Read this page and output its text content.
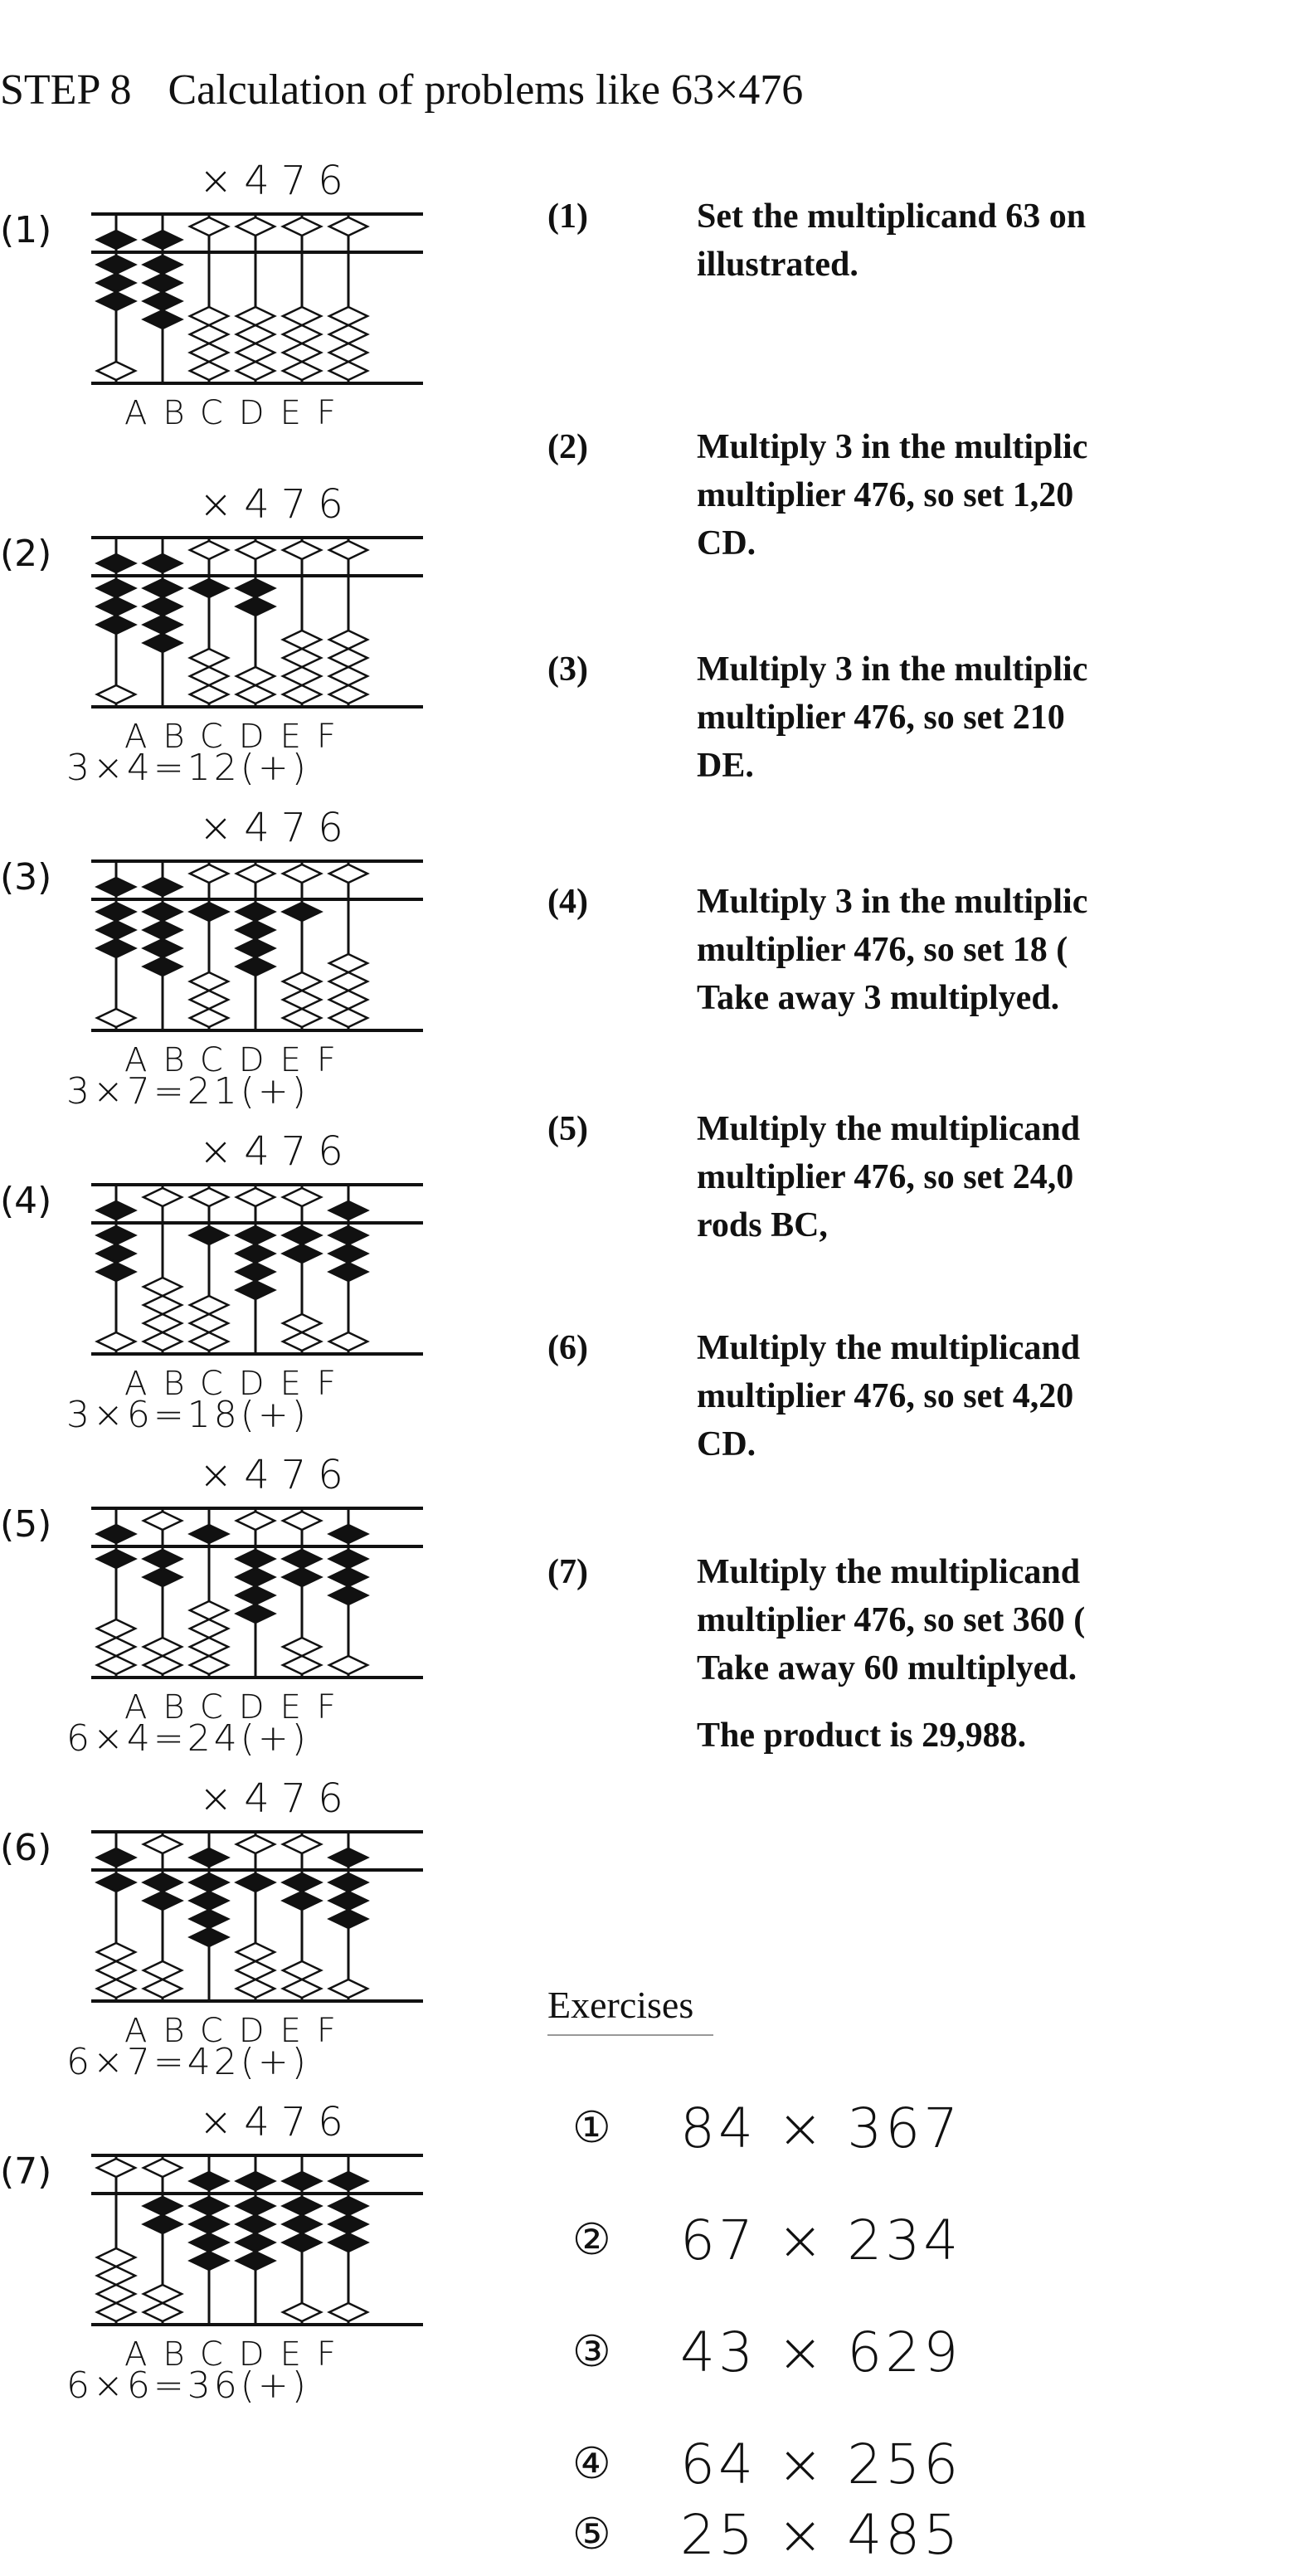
STEP 8 Calculation of problems like 63×476
×476
(1)
ABCDEF
×476
(2)
ABCDEF
3×4=12(+)
×476
(3)
ABCDEF
3×7=21(+)
×476
(4)
ABCDEF
3×6=18(+)
×476
(5)
ABCDEF
6×4=24(+)
×476
(6)
ABCDEF
6×7=42(+)
×476
(7)
ABCDEF
6×6=36(+)
(1)	Set the multiplicand 63 on
illustrated.
(2)	Multiply 3 in the multiplic
multiplier 476, so set 1,20
CD.
(3)	Multiply 3 in the multiplic
multiplier 476, so set 210
DE.
(4)	Multiply 3 in the multiplic
multiplier 476, so set 18 (
Take away 3 multiplyed.
(5)	Multiply the multiplicand
multiplier 476, so set 24,0
rods BC,
(6)	Multiply the multiplicand
multiplier 476, so set 4,20
CD.
(7)	Multiply the multiplicand
multiplier 476, so set 360 (
Take away 60 multiplyed.
The product is 29,988.
Exercises
①	84 × 367
②	67 × 234
③	43 × 629
④	64 × 256
⑤	25 × 485
